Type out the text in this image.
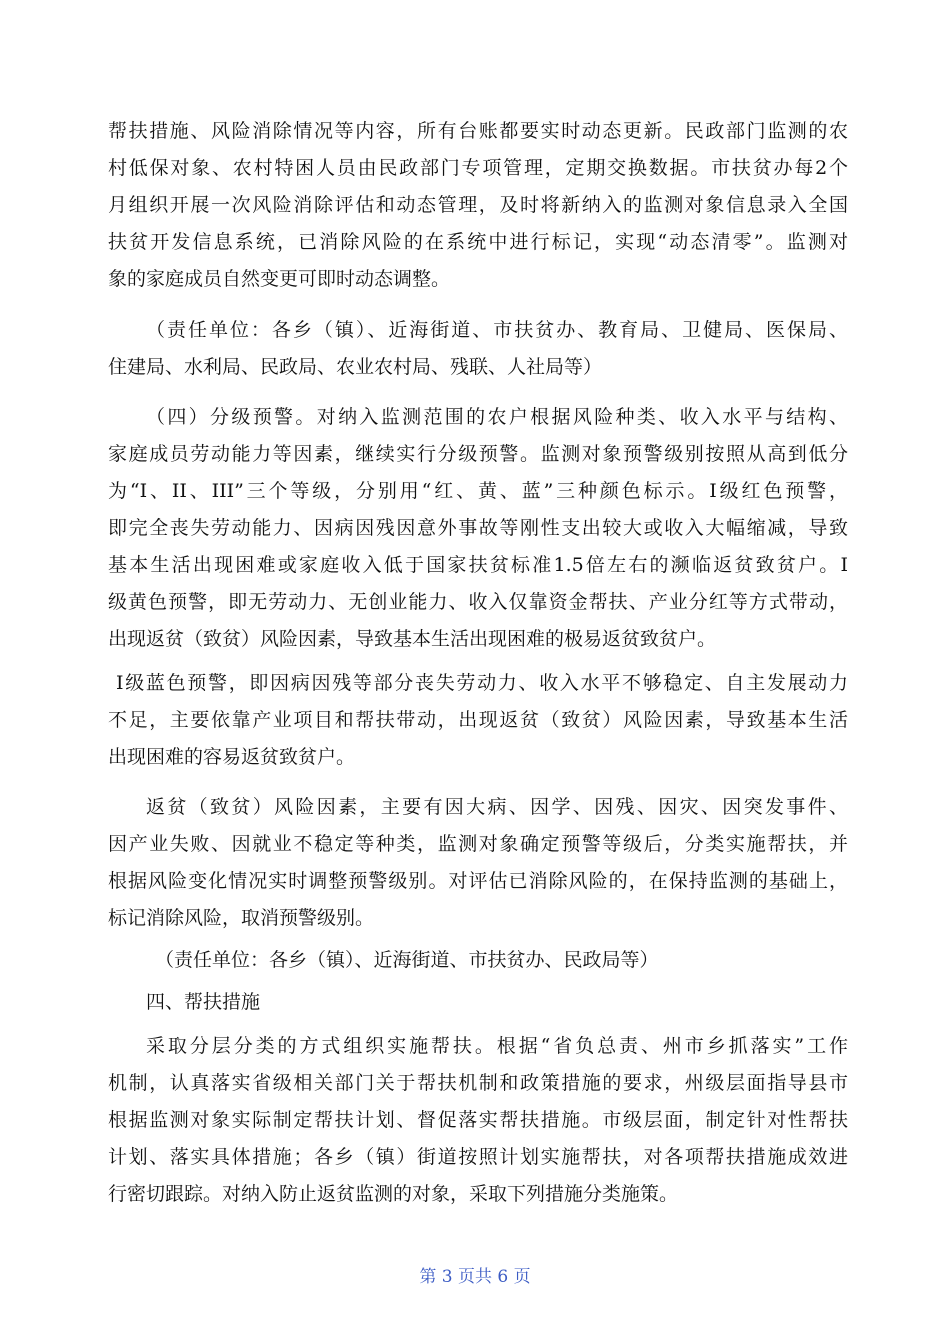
帮扶措施、风险消除情况等内容，所有台账都要实时动态更新。民政部门监测的农
村低保对象、农村特困人员由民政部门专项管理，定期交换数据。市扶贫办每2个
月组织开展一次风险消除评估和动态管理，及时将新纳入的监测对象信息录入全国
扶贫开发信息系统，已消除风险的在系统中进行标记，实现“动态清零”。监测对
象的家庭成员自然变更可即时动态调整。
（责任单位：各乡（镇）、近海街道、市扶贫办、教育局、卫健局、医保局、
住建局、水利局、民政局、农业农村局、残联、人社局等）
（四）分级预警。对纳入监测范围的农户根据风险种类、收入水平与结构、
家庭成员劳动能力等因素，继续实行分级预警。监测对象预警级别按照从高到低分
为“I、II、III”三个等级，分别用“红、黄、蓝”三种颜色标示。I级红色预警，
即完全丧失劳动能力、因病因残因意外事故等刚性支出较大或收入大幅缩减，导致
基本生活出现困难或家庭收入低于国家扶贫标准1.5倍左右的濒临返贫致贫户。I
级黄色预警，即无劳动力、无创业能力、收入仅靠资金帮扶、产业分红等方式带动，
出现返贫（致贫）风险因素，导致基本生活出现困难的极易返贫致贫户。
I级蓝色预警，即因病因残等部分丧失劳动力、收入水平不够稳定、自主发展动力
不足，主要依靠产业项目和帮扶带动，出现返贫（致贫）风险因素，导致基本生活
出现困难的容易返贫致贫户。
返贫（致贫）风险因素，主要有因大病、因学、因残、因灾、因突发事件、
因产业失败、因就业不稳定等种类，监测对象确定预警等级后，分类实施帮扶，并
根据风险变化情况实时调整预警级别。对评估已消除风险的，在保持监测的基础上，
标记消除风险，取消预警级别。
（责任单位：各乡（镇）、近海街道、市扶贫办、民政局等）
四、帮扶措施
采取分层分类的方式组织实施帮扶。根据“省负总责、州市乡抓落实”工作
机制，认真落实省级相关部门关于帮扶机制和政策措施的要求，州级层面指导县市
根据监测对象实际制定帮扶计划、督促落实帮扶措施。市级层面，制定针对性帮扶
计划、落实具体措施；各乡（镇）街道按照计划实施帮扶，对各项帮扶措施成效进
行密切跟踪。对纳入防止返贫监测的对象，采取下列措施分类施策。
第 3 页共 6 页
